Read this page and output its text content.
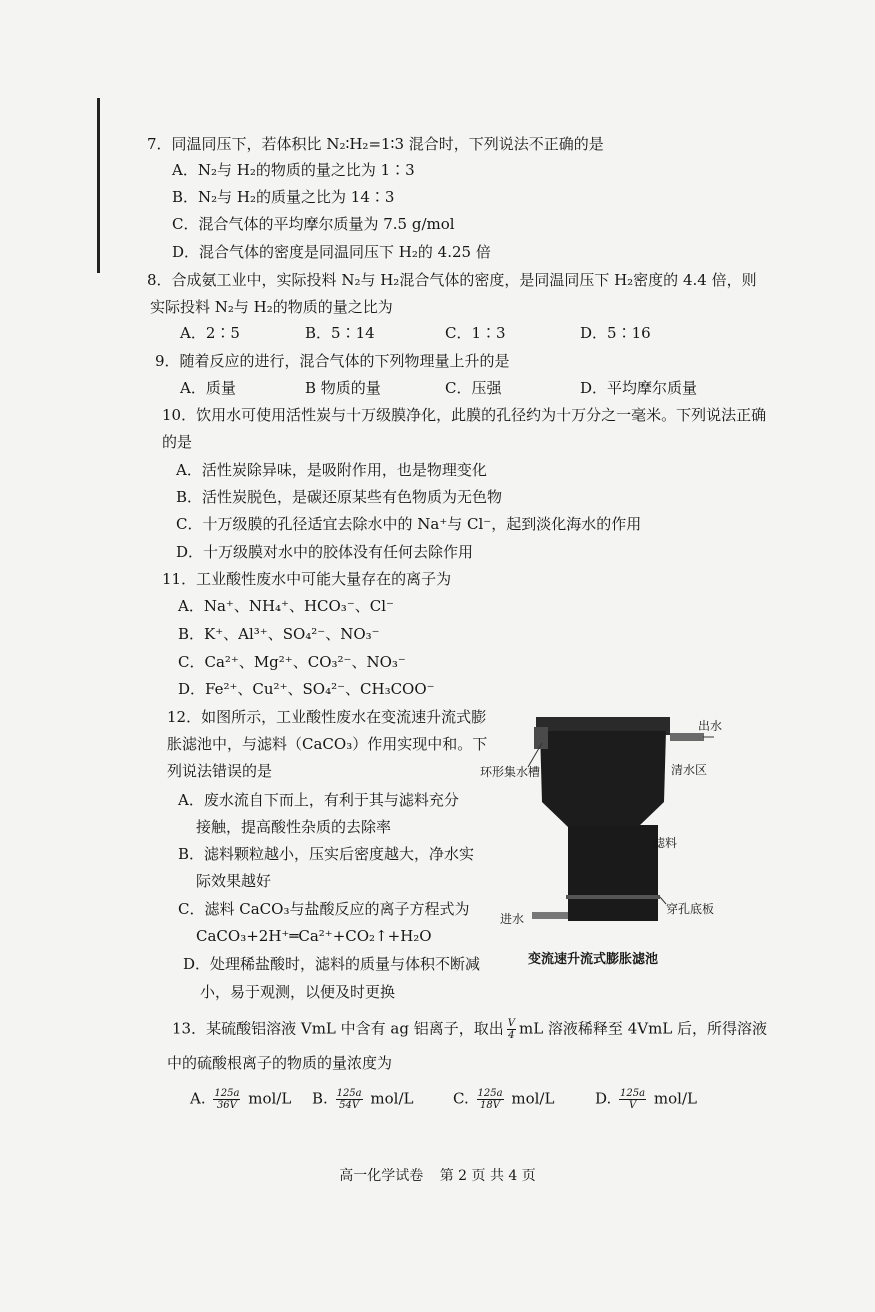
7．同温同压下，若体积比 N₂∶H₂=1∶3 混合时，下列说法不正确的是
A．N₂与 H₂的物质的量之比为 1∶3
B．N₂与 H₂的质量之比为 14∶3
C．混合气体的平均摩尔质量为 7.5 g/mol
D．混合气体的密度是同温同压下 H₂的 4.25 倍
8．合成氨工业中，实际投料 N₂与 H₂混合气体的密度，是同温同压下 H₂密度的 4.4 倍，则
实际投料 N₂与 H₂的物质的量之比为
A．2∶5	B．5∶14	C．1∶3	D．5∶16
9．随着反应的进行，混合气体的下列物理量上升的是
A．质量	B 物质的量	C．压强	D．平均摩尔质量
10．饮用水可使用活性炭与十万级膜净化，此膜的孔径约为十万分之一毫米。下列说法正确
的是
A．活性炭除异味，是吸附作用，也是物理变化
B．活性炭脱色，是碳还原某些有色物质为无色物
C．十万级膜的孔径适宜去除水中的 Na⁺与 Cl⁻，起到淡化海水的作用
D．十万级膜对水中的胶体没有任何去除作用
11．工业酸性废水中可能大量存在的离子为
A．Na⁺、NH₄⁺、HCO₃⁻、Cl⁻
B．K⁺、Al³⁺、SO₄²⁻、NO₃⁻
C．Ca²⁺、Mg²⁺、CO₃²⁻、NO₃⁻
D．Fe²⁺、Cu²⁺、SO₄²⁻、CH₃COO⁻
12．如图所示，工业酸性废水在变流速升流式膨
胀滤池中，与滤料（CaCO₃）作用实现中和。下
列说法错误的是
A．废水流自下而上，有利于其与滤料充分
接触，提高酸性杂质的去除率
B．滤料颗粒越小，压实后密度越大，净水实
际效果越好
C．滤料 CaCO₃与盐酸反应的离子方程式为
CaCO₃+2H⁺═Ca²⁺+CO₂↑+H₂O
D．处理稀盐酸时，滤料的质量与体积不断减
小，易于观测，以便及时更换
出水
环形集水槽	清水区
滤料
穿孔底板
进水
变流速升流式膨胀滤池
13．某硫酸铝溶液 VmL 中含有 ag 铝离子，取出 $\frac{V}{4}$ mL 溶液稀释至 4VmL 后，所得溶液
中的硫酸根离子的物质的量浓度为
A. $\frac{125a}{36V} mol/L$ B. $\frac{125a}{54V} mol/L$	C. $\frac{125a}{18V} mol/L$	D. $\frac{125a}{V} mol/L$
高一化学试卷 第 2 页 共 4 页
